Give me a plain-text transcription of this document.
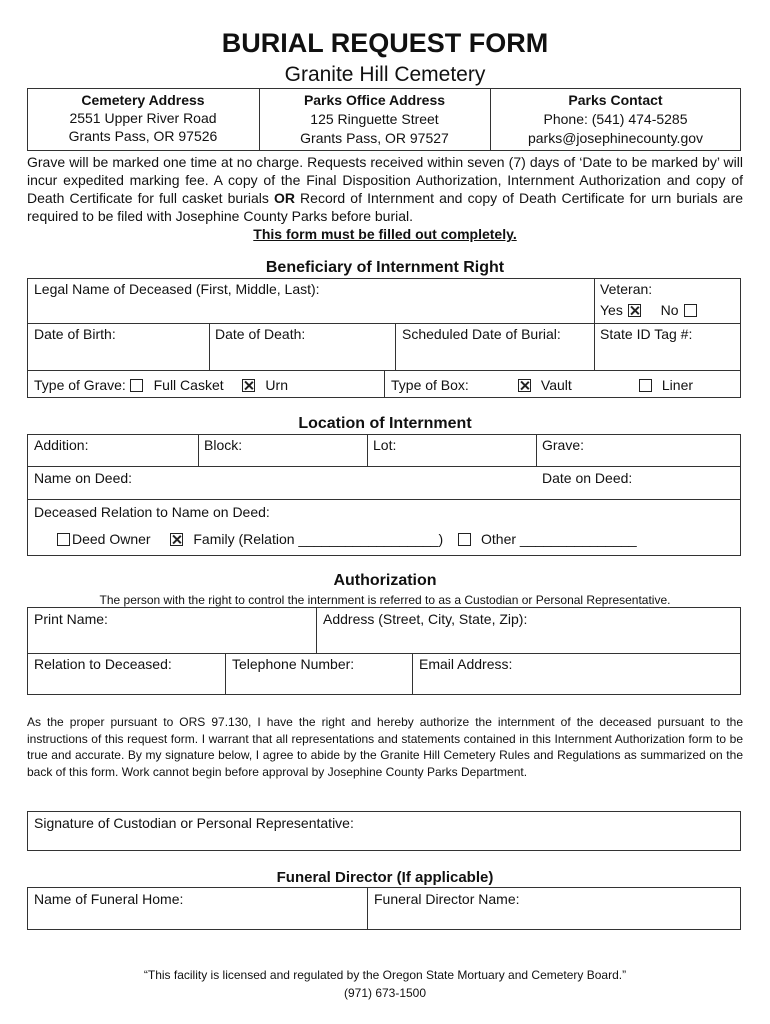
BURIAL REQUEST FORM
Granite Hill Cemetery
Cemetery Address
2551 Upper River Road
Grants Pass, OR 97526
Parks Office Address
125 Ringuette Street
Grants Pass, OR 97527
Parks Contact
Phone: (541) 474-5285
parks@josephinecounty.gov
Grave will be marked one time at no charge. Requests received within seven (7) days of ‘Date to be marked by’ will incur expedited marking fee. A copy of the Final Disposition Authorization, Internment Authorization and copy of Death Certificate for full casket burials OR Record of Internment and copy of Death Certificate for urn burials are required to be filed with Josephine County Parks before burial.
This form must be filled out completely.
Beneficiary of Internment Right
Legal Name of Deceased (First, Middle, Last):	Veteran:
Yes	No
Date of Birth:	Date of Death:	Scheduled Date of Burial:	State ID Tag #:
Type of Grave: Full Casket	Urn	Type of Box:	Vault	Liner
Location of Internment
Addition:	Block:	Lot:	Grave:
Name on Deed:	Date on Deed:
Deceased Relation to Name on Deed:
Deed Owner	Family (Relation __________________)	Other _______________
Authorization
The person with the right to control the internment is referred to as a Custodian or Personal Representative.
Print Name:	Address (Street, City, State, Zip):
Relation to Deceased:	Telephone Number:	Email Address:
As the proper pursuant to ORS 97.130, I have the right and hereby authorize the internment of the deceased pursuant to the instructions of this request form. I warrant that all representations and statements contained in this Internment Authorization form to be true and accurate. By my signature below, I agree to abide by the Granite Hill Cemetery Rules and Regulations as summarized on the back of this form. Work cannot begin before approval by Josephine County Parks Department.
Signature of Custodian or Personal Representative:
Funeral Director (If applicable)
Name of Funeral Home:	Funeral Director Name:
“This facility is licensed and regulated by the Oregon State Mortuary and Cemetery Board.”
(971) 673-1500
